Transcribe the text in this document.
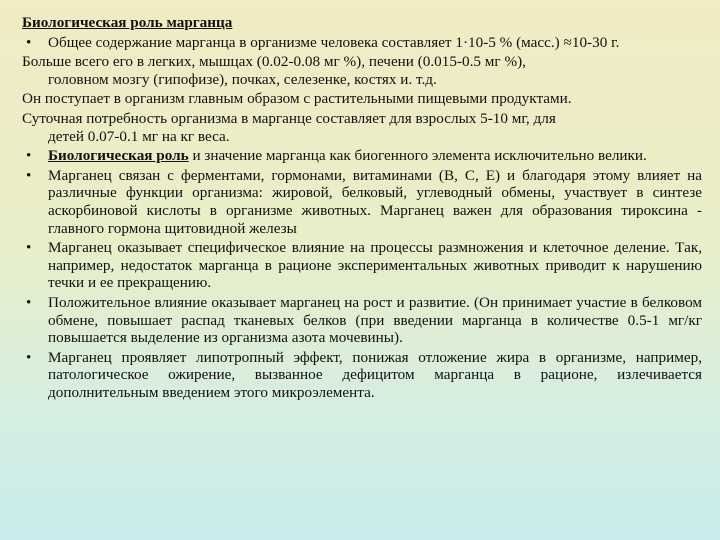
Биологическая роль марганца
• Общее содержание марганца в организме человека составляет 1·10-5 % (масс.) ≈10-30 г.
Больше всего его в легких, мышцах (0.02-0.08 мг %), печени (0.015-0.5 мг %),
головном мозгу (гипофизе), почках, селезенке, костях и. т.д.
Он поступает в организм главным образом с растительными пищевыми продуктами.
Суточная потребность организма в марганце составляет для взрослых 5-10 мг, для
детей 0.07-0.1 мг на кг веса.
• Биологическая роль и значение марганца как биогенного элемента исключительно велики.
• Марганец связан с ферментами, гормонами, витаминами (B, C, E) и благодаря этому влияет на различные функции организма: жировой, белковый, углеводный обмены, участвует в синтезе аскорбиновой кислоты в организме животных. Марганец важен для образования тироксина - главного гормона щитовидной железы
• Марганец оказывает специфическое влияние на процессы размножения и клеточное деление. Так, например, недостаток марганца в рационе экспериментальных животных приводит к нарушению течки и ее прекращению.
• Положительное влияние оказывает марганец на рост и развитие. (Он принимает участие в белковом обмене, повышает распад тканевых белков (при введении марганца в количестве 0.5-1 мг/кг повышается выделение из организма азота мочевины).
• Марганец проявляет липотропный эффект, понижая отложение жира в организме, например, патологическое ожирение, вызванное дефицитом марганца в рационе, излечивается дополнительным введением этого микроэлемента.
